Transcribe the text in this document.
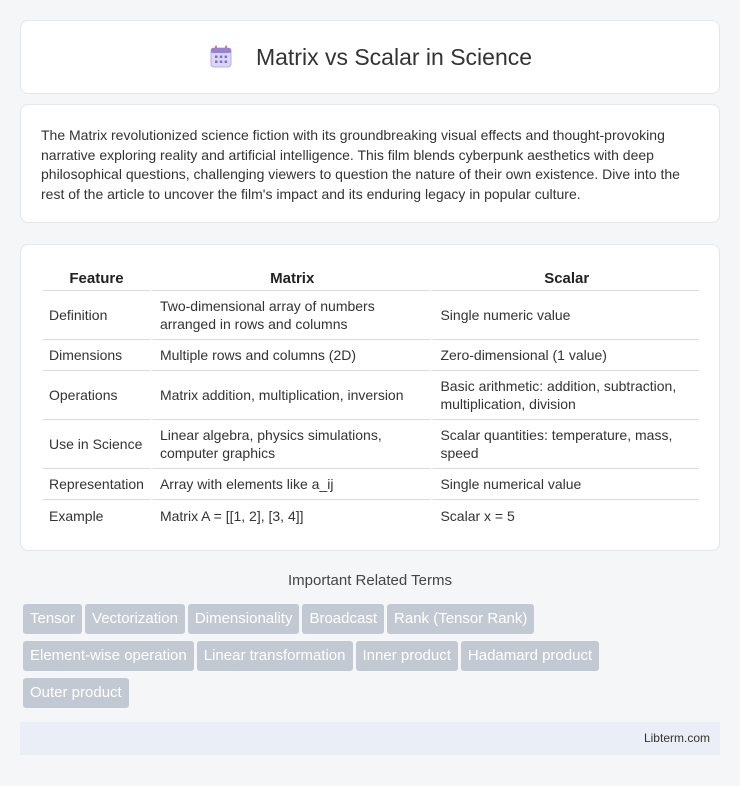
Matrix vs Scalar in Science

The Matrix revolutionized science fiction with its groundbreaking visual effects and thought-provoking narrative exploring reality and artificial intelligence. This film blends cyberpunk aesthetics with deep philosophical questions, challenging viewers to question the nature of their own existence. Dive into the rest of the article to uncover the film's impact and its enduring legacy in popular culture.

Feature	Matrix	Scalar
Definition	Two-dimensional array of numbers arranged in rows and columns	Single numeric value
Dimensions	Multiple rows and columns (2D)	Zero-dimensional (1 value)
Operations	Matrix addition, multiplication, inversion	Basic arithmetic: addition, subtraction, multiplication, division
Use in Science	Linear algebra, physics simulations, computer graphics	Scalar quantities: temperature, mass, speed
Representation	Array with elements like a_ij	Single numerical value
Example	Matrix A = [[1, 2], [3, 4]]	Scalar x = 5
Important Related Terms
Tensor Vectorization Dimensionality Broadcast Rank (Tensor Rank)
Element-wise operation Linear transformation Inner product Hadamard product
Outer product
Libterm.com
